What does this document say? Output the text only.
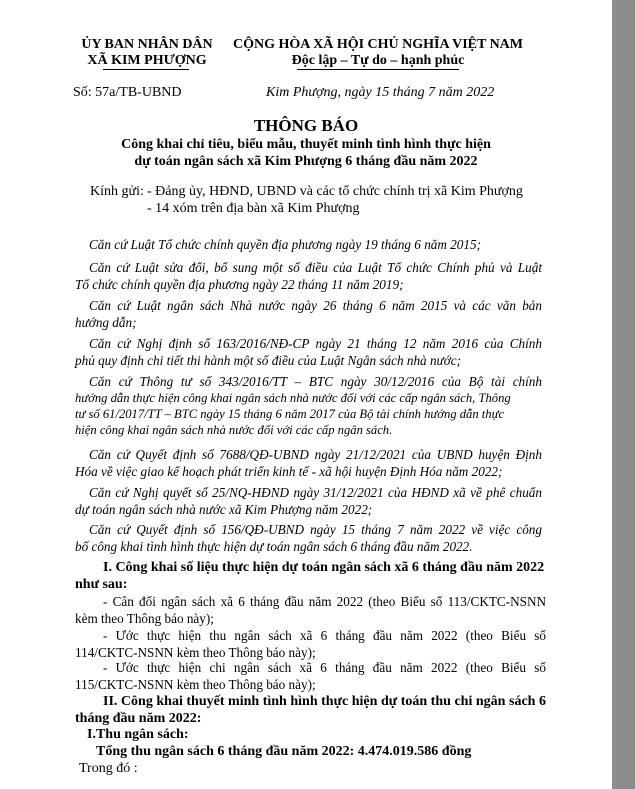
ỦY BAN NHÂN DÂN
XÃ KIM PHƯỢNG
CỘNG HÒA XÃ HỘI CHỦ NGHĨA VIỆT NAM
Độc lập – Tự do – hạnh phúc
Số: 57a/TB-UBND	Kim Phượng, ngày 15 tháng 7 năm 2022
THÔNG BÁO
Công khai chỉ tiêu, biểu mẫu, thuyết minh tình hình thực hiện
dự toán ngân sách xã Kim Phượng 6 tháng đầu năm 2022
Kính gửi: - Đảng ủy, HĐND, UBND và các tổ chức chính trị xã Kim Phượng
- 14 xóm trên địa bàn xã Kim Phượng
Căn cứ Luật Tổ chức chính quyền địa phương ngày 19 tháng 6 năm 2015;
Căn cứ Luật sửa đổi, bổ sung một số điều của Luật Tổ chức Chính phủ và Luật
Tổ chức chính quyền địa phương ngày 22 tháng 11 năm 2019;
Căn cứ Luật ngân sách Nhà nước ngày 26 tháng 6 năm 2015 và các văn bản
hướng dẫn;
Căn cứ Nghị định số 163/2016/NĐ-CP ngày 21 tháng 12 năm 2016 của Chính
phủ quy định chi tiết thi hành một số điều của Luật Ngân sách nhà nước;
Căn cứ Thông tư số 343/2016/TT – BTC ngày 30/12/2016 của Bộ tài chính
hướng dẫn thực hiện công khai ngân sách nhà nước đối với các cấp ngân sách, Thông
tư số 61/2017/TT – BTC ngày 15 tháng 6 năm 2017 của Bộ tài chính hướng dẫn thực
hiện công khai ngân sách nhà nước đối với các cấp ngân sách.
Căn cứ Quyết định số 7688/QĐ-UBND ngày 21/12/2021 của UBND huyện Định
Hóa về việc giao kế hoạch phát triển kinh tế - xã hội huyện Định Hóa năm 2022;
Căn cứ Nghị quyết số 25/NQ-HĐND ngày 31/12/2021 của HĐND xã về phê chuẩn
dự toán ngân sách nhà nước xã Kim Phượng năm 2022;
Căn cứ Quyết định số 156/QĐ-UBND ngày 15 tháng 7 năm 2022 về việc công
bố công khai tình hình thực hiện dự toán ngân sách 6 tháng đầu năm 2022.
I. Công khai số liệu thực hiện dự toán ngân sách xã 6 tháng đầu năm 2022
như sau:
- Cân đối ngân sách xã 6 tháng đầu năm 2022 (theo Biểu số 113/CKTC-NSNN
kèm theo Thông báo này);
- Ước thực hiện thu ngân sách xã 6 tháng đầu năm 2022 (theo Biểu số
114/CKTC-NSNN kèm theo Thông báo này);
- Ước thực hiện chi ngân sách xã 6 tháng đầu năm 2022 (theo Biểu số
115/CKTC-NSNN kèm theo Thông báo này);
II. Công khai thuyết minh tình hình thực hiện dự toán thu chi ngân sách 6
tháng đầu năm 2022:
I.Thu ngân sách:
Tổng thu ngân sách 6 tháng đầu năm 2022: 4.474.019.586 đồng
Trong đó :
